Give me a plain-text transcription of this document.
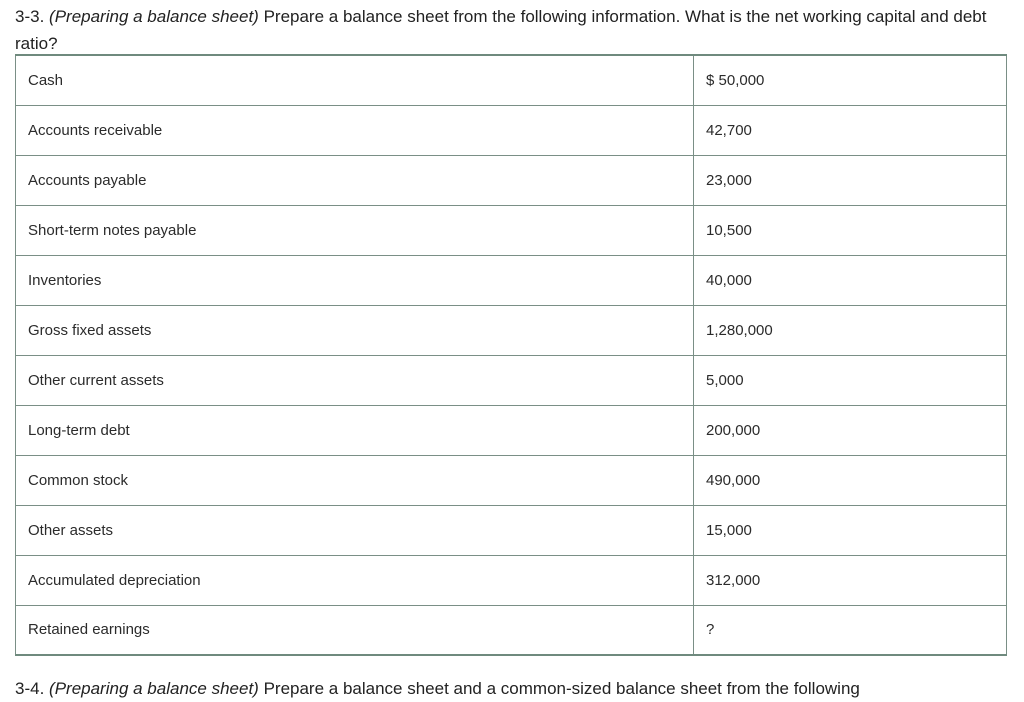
3-3. (Preparing a balance sheet) Prepare a balance sheet from the following information. What is the net working capital and debt ratio?
Cash	$ 50,000
Accounts receivable	42,700
Accounts payable	23,000
Short-term notes payable	10,500
Inventories	40,000
Gross fixed assets	1,280,000
Other current assets	5,000
Long-term debt	200,000
Common stock	490,000
Other assets	15,000
Accumulated depreciation	312,000
Retained earnings	?
3-4. (Preparing a balance sheet) Prepare a balance sheet and a common-sized balance sheet from the following
